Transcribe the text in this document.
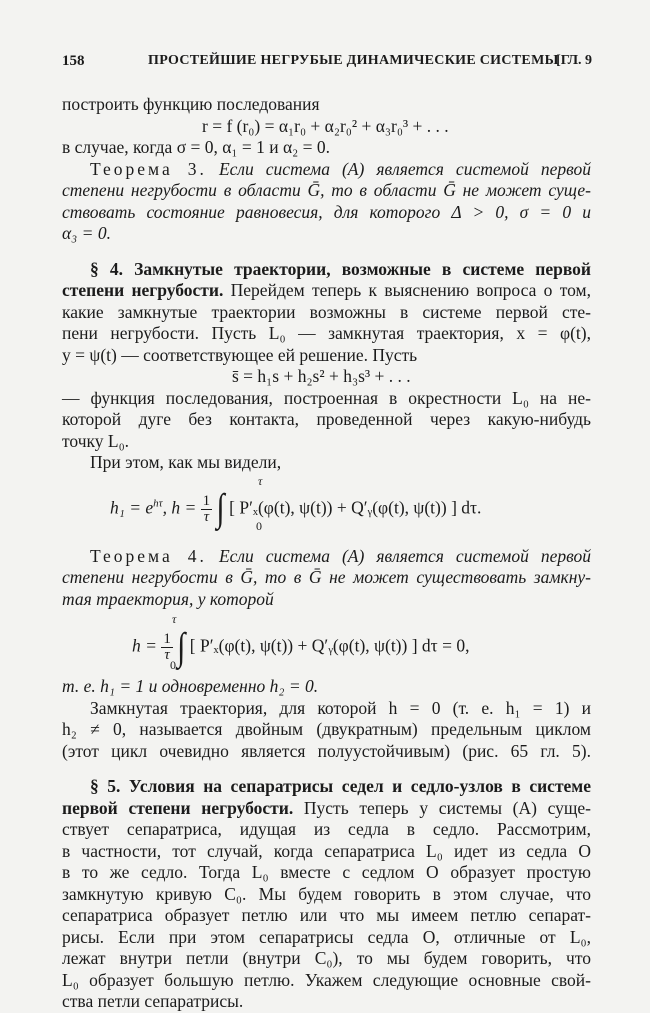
158	ПРОСТЕЙШИЕ НЕГРУБЫЕ ДИНАМИЧЕСКИЕ СИСТЕМЫ
[ГЛ. 9
построить функцию последования
r = f (r₀) = α₁r₀ + α₂r₀² + α₃r₀³ + . . .
в случае, когда σ = 0, α₁ = 1 и α₂ = 0.
Теорема 3. Если система (A) является системой первой
степени негрубости в области Ḡ, то в области Ḡ не может суще-
ствовать состояние равновесия, для которого Δ > 0, σ = 0 и
α₃ = 0.
§ 4. Замкнутые траектории, возможные в системе первой
степени негрубости. Перейдем теперь к выяснению вопроса о том,
какие замкнутые траектории возможны в системе первой сте-
пени негрубости. Пусть L₀ — замкнутая траектория, x = φ(t),
y = ψ(t) — соответствующее ей решение. Пусть
s̄ = h₁s + h₂s² + h₃s³ + . . .
— функция последования, построенная в окрестности L₀ на не-
которой дуге без контакта, проведенной через какую-нибудь
точку L₀.
При этом, как мы видели,
$h_1 = e^{h\tau}$, $h = \frac{1}{\tau}$ ∫ [ P′ₓ(φ(t), ψ(t)) + Q′ᵧ(φ(t), ψ(t)) ] dτ.
τ
0
Теорема 4. Если система (A) является системой первой
степени негрубости в Ḡ, то в Ḡ не может существовать замкну-
тая траектория, у которой
$h = \frac{1}{\tau}$ ∫ [ P′ₓ(φ(t), ψ(t)) + Q′ᵧ(φ(t), ψ(t)) ] dτ = 0,
τ
0
т. е. h₁ = 1 и одновременно h₂ = 0.
Замкнутая траектория, для которой h = 0 (т. е. h₁ = 1) и
h₂ ≠ 0, называется двойным (двукратным) предельным циклом
(этот цикл очевидно является полуустойчивым) (рис. 65 гл. 5).
§ 5. Условия на сепаратрисы седел и седло-узлов в системе
первой степени негрубости. Пусть теперь у системы (A) суще-
ствует сепаратриса, идущая из седла в седло. Рассмотрим,
в частности, тот случай, когда сепаратриса L₀ идет из седла O
в то же седло. Тогда L₀ вместе с седлом O образует простую
замкнутую кривую C₀. Мы будем говорить в этом случае, что
сепаратриса образует петлю или что мы имеем петлю сепарат-
рисы. Если при этом сепаратрисы седла O, отличные от L₀,
лежат внутри петли (внутри C₀), то мы будем говорить, что
L₀ образует большую петлю. Укажем следующие основные свой-
ства петли сепаратрисы.
